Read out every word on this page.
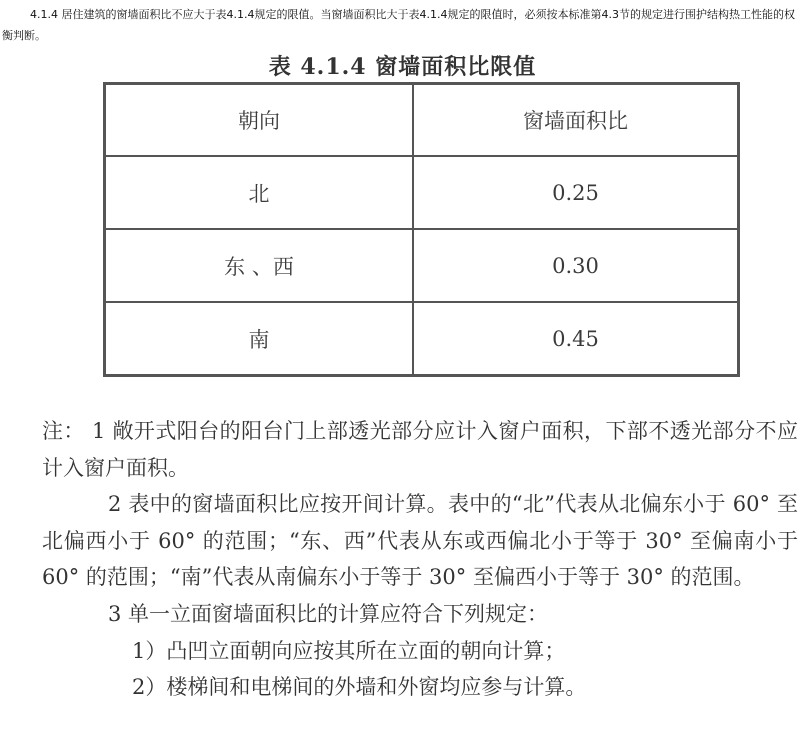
4.1.4 居住建筑的窗墙面积比不应大于表4.1.4规定的限值。当窗墙面积比大于表4.1.4规定的限值时，必须按本标准第4.3节的规定进行围护结构热工性能的权衡判断。

表 4.1.4 窗墙面积比限值
朝向	窗墙面积比
北	0.25
东 、西	0.30
南	0.45

注： 1 敞开式阳台的阳台门上部透光部分应计入窗户面积，下部不透光部分不应计入窗户面积。

2 表中的窗墙面积比应按开间计算。表中的“北”代表从北偏东小于 60° 至北偏西小于 60° 的范围；“东、西”代表从东或西偏北小于等于 30° 至偏南小于 60° 的范围；“南”代表从南偏东小于等于 30° 至偏西小于等于 30° 的范围。

3 单一立面窗墙面积比的计算应符合下列规定：

1）凸凹立面朝向应按其所在立面的朝向计算；

2）楼梯间和电梯间的外墙和外窗均应参与计算。
